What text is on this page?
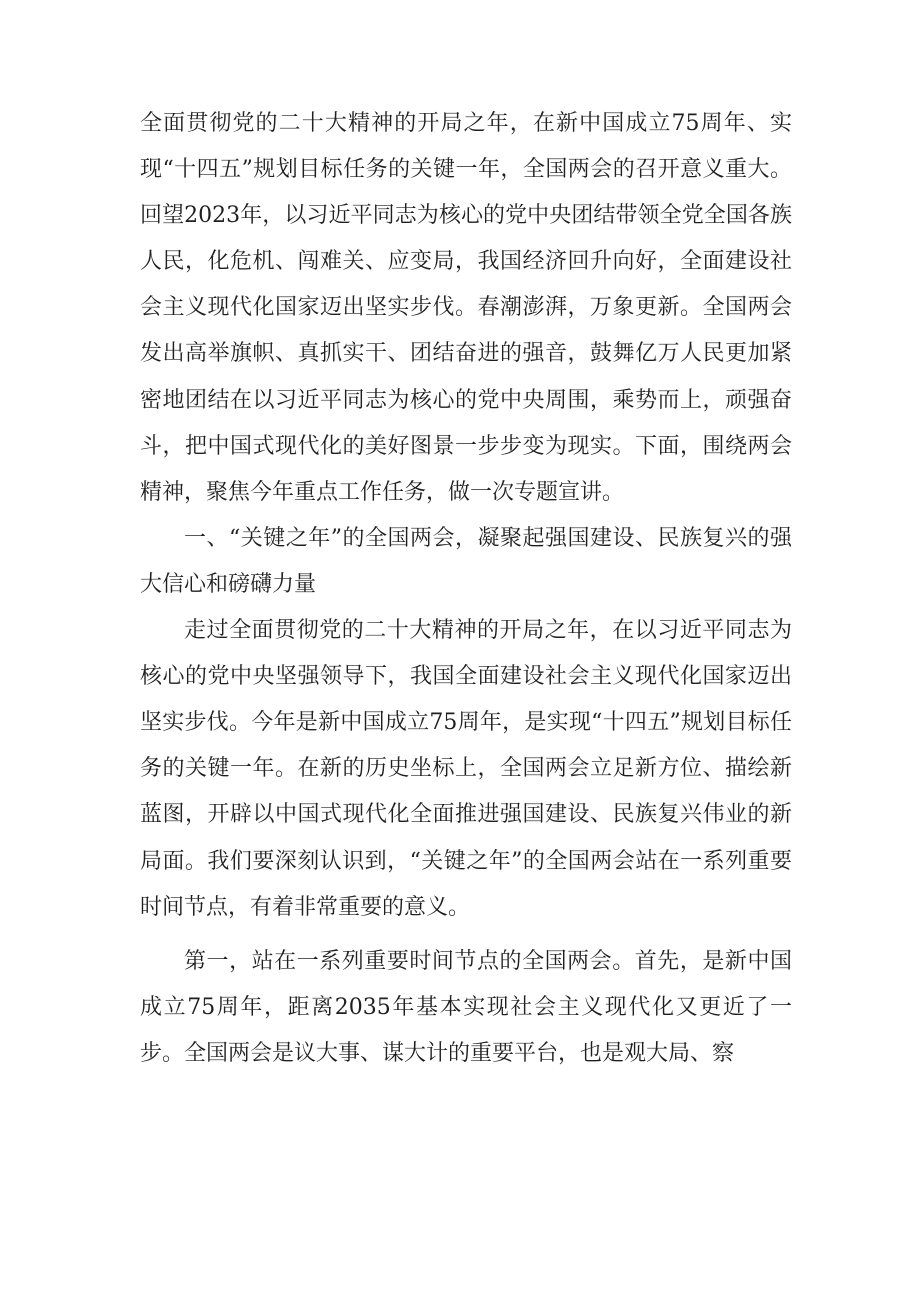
全面贯彻党的二十大精神的开局之年，在新中国成立75周年、实现“十四五”规划目标任务的关键一年，全国两会的召开意义重大。回望2023年，以习近平同志为核心的党中央团结带领全党全国各族人民，化危机、闯难关、应变局，我国经济回升向好，全面建设社会主义现代化国家迈出坚实步伐。春潮澎湃，万象更新。全国两会发出高举旗帜、真抓实干、团结奋进的强音，鼓舞亿万人民更加紧密地团结在以习近平同志为核心的党中央周围，乘势而上，顽强奋斗，把中国式现代化的美好图景一步步变为现实。下面，围绕两会精神，聚焦今年重点工作任务，做一次专题宣讲。

一、“关键之年”的全国两会，凝聚起强国建设、民族复兴的强大信心和磅礴力量

走过全面贯彻党的二十大精神的开局之年，在以习近平同志为核心的党中央坚强领导下，我国全面建设社会主义现代化国家迈出坚实步伐。今年是新中国成立75周年，是实现“十四五”规划目标任务的关键一年。在新的历史坐标上，全国两会立足新方位、描绘新蓝图，开辟以中国式现代化全面推进强国建设、民族复兴伟业的新局面。我们要深刻认识到，“关键之年”的全国两会站在一系列重要时间节点，有着非常重要的意义。

第一，站在一系列重要时间节点的全国两会。首先，是新中国成立75周年，距离2035年基本实现社会主义现代化又更近了一步。全国两会是议大事、谋大计的重要平台，也是观大局、察
